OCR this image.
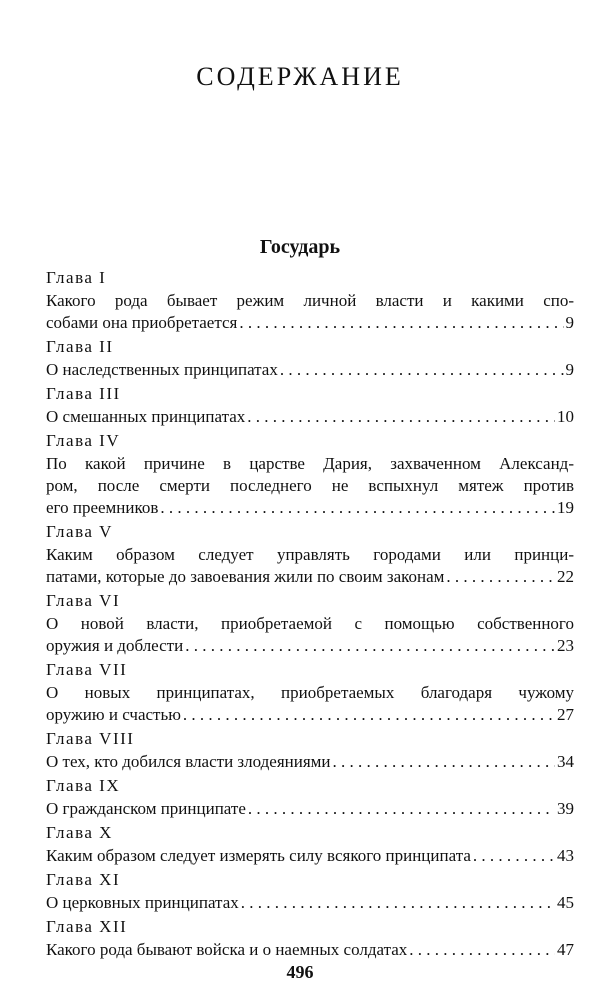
СОДЕРЖАНИЕ
Государь
Глава I
Какого рода бывает режим личной власти и какими спо-
собами она приобретается . . .	9
Глава II
О наследственных принципатах . . .	9
Глава III
О смешанных принципатах . . .	10
Глава IV
По какой причине в царстве Дария, захваченном Александ-
ром, после смерти последнего не вспыхнул мятеж против
его преемников . . .	19
Глава V
Каким образом следует управлять городами или принци-
патами, которые до завоевания жили по своим законам . . .	22
Глава VI
О новой власти, приобретаемой с помощью собственного
оружия и доблести . . .	23
Глава VII
О новых принципатах, приобретаемых благодаря чужому
оружию и счастью . . .	27
Глава VIII
О тех, кто добился власти злодеяниями . . .	34
Глава IX
О гражданском принципате . . .	39
Глава X
Каким образом следует измерять силу всякого принципата . . .	43
Глава XI
О церковных принципатах . . .	45
Глава XII
Какого рода бывают войска и о наемных солдатах . . .	47
496
